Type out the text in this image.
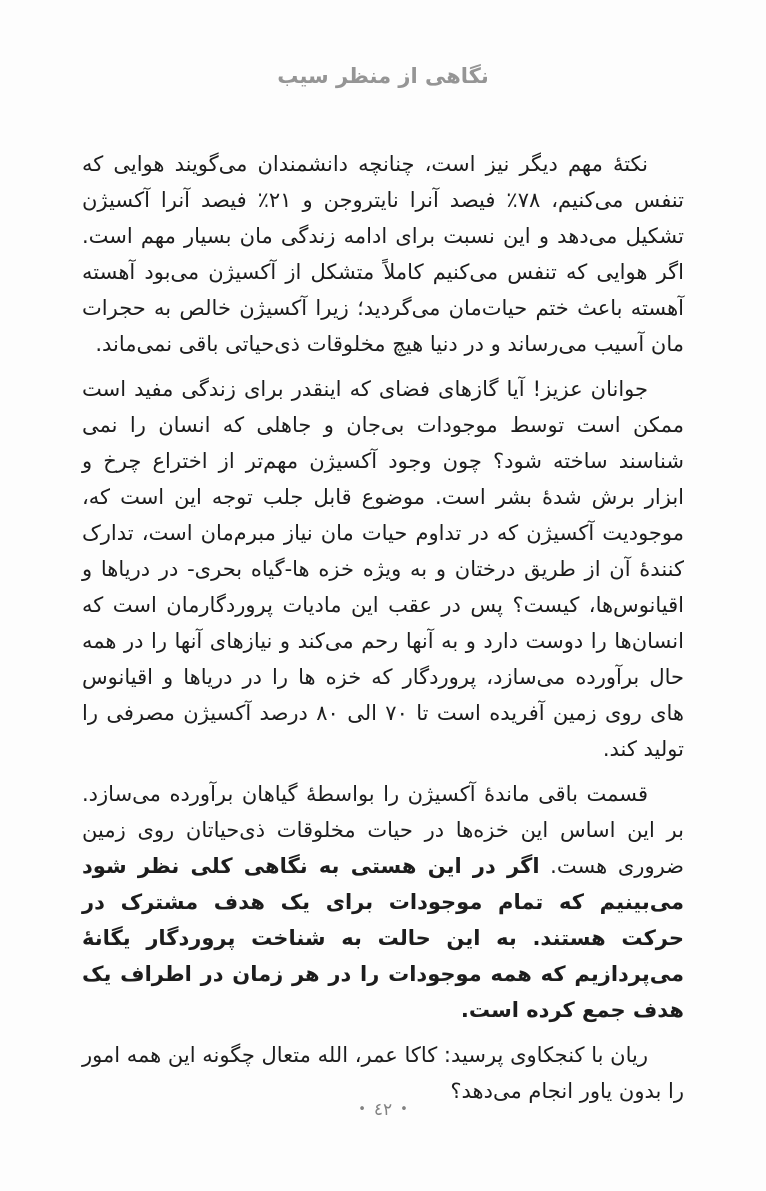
نگاهی از منظر سیب

نکتهٔ مهم دیگر نیز است، چنانچه دانشمندان می‌گویند هوایی که تنفس می‌کنیم، ٧٨٪ فیصد آنرا نایتروجن و ٢١٪ فیصد آنرا آکسیژن تشکیل می‌دهد و این نسبت برای ادامه زندگی مان بسیار مهم است. اگر هوایی که تنفس می‌کنیم کاملاً متشکل از آکسیژن می‌بود آهسته آهسته باعث ختم حیات‌مان می‌گردید؛ زیرا آکسیژن خالص به حجرات مان آسیب می‌رساند و در دنیا هیچ مخلوقات ذی‌حیاتی باقی نمی‌ماند.

جوانان عزیز! آیا گازهای فضای که اینقدر برای زندگی مفید است ممکن است توسط موجودات بی‌جان و جاهلی که انسان را نمی شناسند ساخته شود؟ چون وجود آکسیژن مهم‌تر از اختراع چرخ و ابزار برش شدهٔ بشر است. موضوع قابل جلب توجه این است که، موجودیت آکسیژن که در تداوم حیات مان نیاز مبرم‌مان است، تدارک کنندهٔ آن از طریق درختان و به ویژه خزه ها-گیاه بحری- در دریاها و اقیانوس‌ها، کیست؟ پس در عقب این مادیات پروردگارمان است که انسان‌ها را دوست دارد و به آنها رحم می‌کند و نیازهای آنها را در همه حال برآورده می‌سازد، پروردگار که خزه ها را در دریاها و اقیانوس های روی زمین آفریده است تا ٧٠ الی ٨٠ درصد آکسیژن مصرفی را تولید کند.

قسمت باقی ماندهٔ آکسیژن را بواسطهٔ گیاهان برآورده می‌سازد. بر این اساس این خزه‌ها در حیات مخلوقات ذی‌حیاتان روی زمین ضروری هست. اگر در این هستی به نگاهی کلی نظر شود می‌بینیم که تمام موجودات برای یک هدف مشترک در حرکت هستند. به این حالت به شناخت پروردگار یگانهٔ می‌پردازیم که همه موجودات را در هر زمان در اطراف یک هدف جمع کرده است.

ریان با کنجکاوی پرسید: کاکا عمر، الله متعال چگونه این همه امور را بدون یاور انجام می‌دهد؟

•٤٢•
